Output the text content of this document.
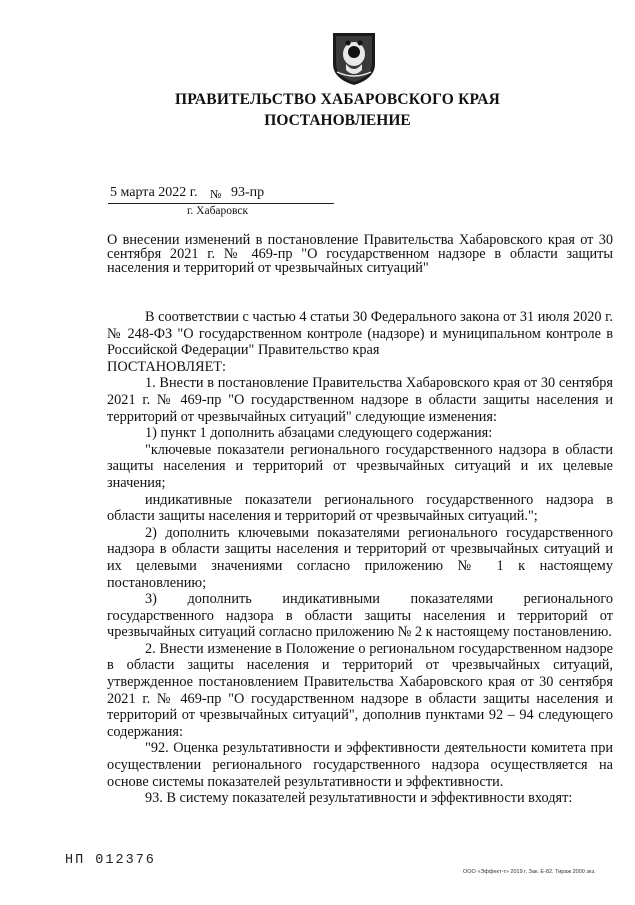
ПРАВИТЕЛЬСТВО ХАБАРОВСКОГО КРАЯ
ПОСТАНОВЛЕНИЕ
5 марта 2022 г. № 93-пр
г. Хабаровск
О внесении изменений в постановление Правительства Хабаровского края от 30 сентября 2021 г. № 469-пр "О государственном надзоре в области защиты населения и территорий от чрезвычайных ситуаций"

В соответствии с частью 4 статьи 30 Федерального закона от 31 июля 2020 г. № 248-ФЗ "О государственном контроле (надзоре) и муниципальном контроле в Российской Федерации" Правительство края

ПОСТАНОВЛЯЕТ:

1. Внести в постановление Правительства Хабаровского края от 30 сентября 2021 г. № 469-пр "О государственном надзоре в области защиты населения и территорий от чрезвычайных ситуаций" следующие изменения:

1) пункт 1 дополнить абзацами следующего содержания:

"ключевые показатели регионального государственного надзора в области защиты населения и территорий от чрезвычайных ситуаций и их целевые значения;

индикативные показатели регионального государственного надзора в области защиты населения и территорий от чрезвычайных ситуаций.";

2) дополнить ключевыми показателями регионального государственного надзора в области защиты населения и территорий от чрезвычайных ситуаций и их целевыми значениями согласно приложению № 1 к настоящему постановлению;

3) дополнить индикативными показателями регионального государственного надзора в области защиты населения и территорий от чрезвычайных ситуаций согласно приложению № 2 к настоящему постановлению.

2. Внести изменение в Положение о региональном государственном надзоре в области защиты населения и территорий от чрезвычайных ситуаций, утвержденное постановлением Правительства Хабаровского края от 30 сентября 2021 г. № 469-пр "О государственном надзоре в области защиты населения и территорий от чрезвычайных ситуаций", дополнив пунктами 92 – 94 следующего содержания:

"92. Оценка результативности и эффективности деятельности комитета при осуществлении регионального государственного надзора осуществляется на основе системы показателей результативности и эффективности.

93. В систему показателей результативности и эффективности входят:

НП 012376
ООО «Эффект-т» 2019 г. Зак. Е-82. Тираж 2000 экз.
